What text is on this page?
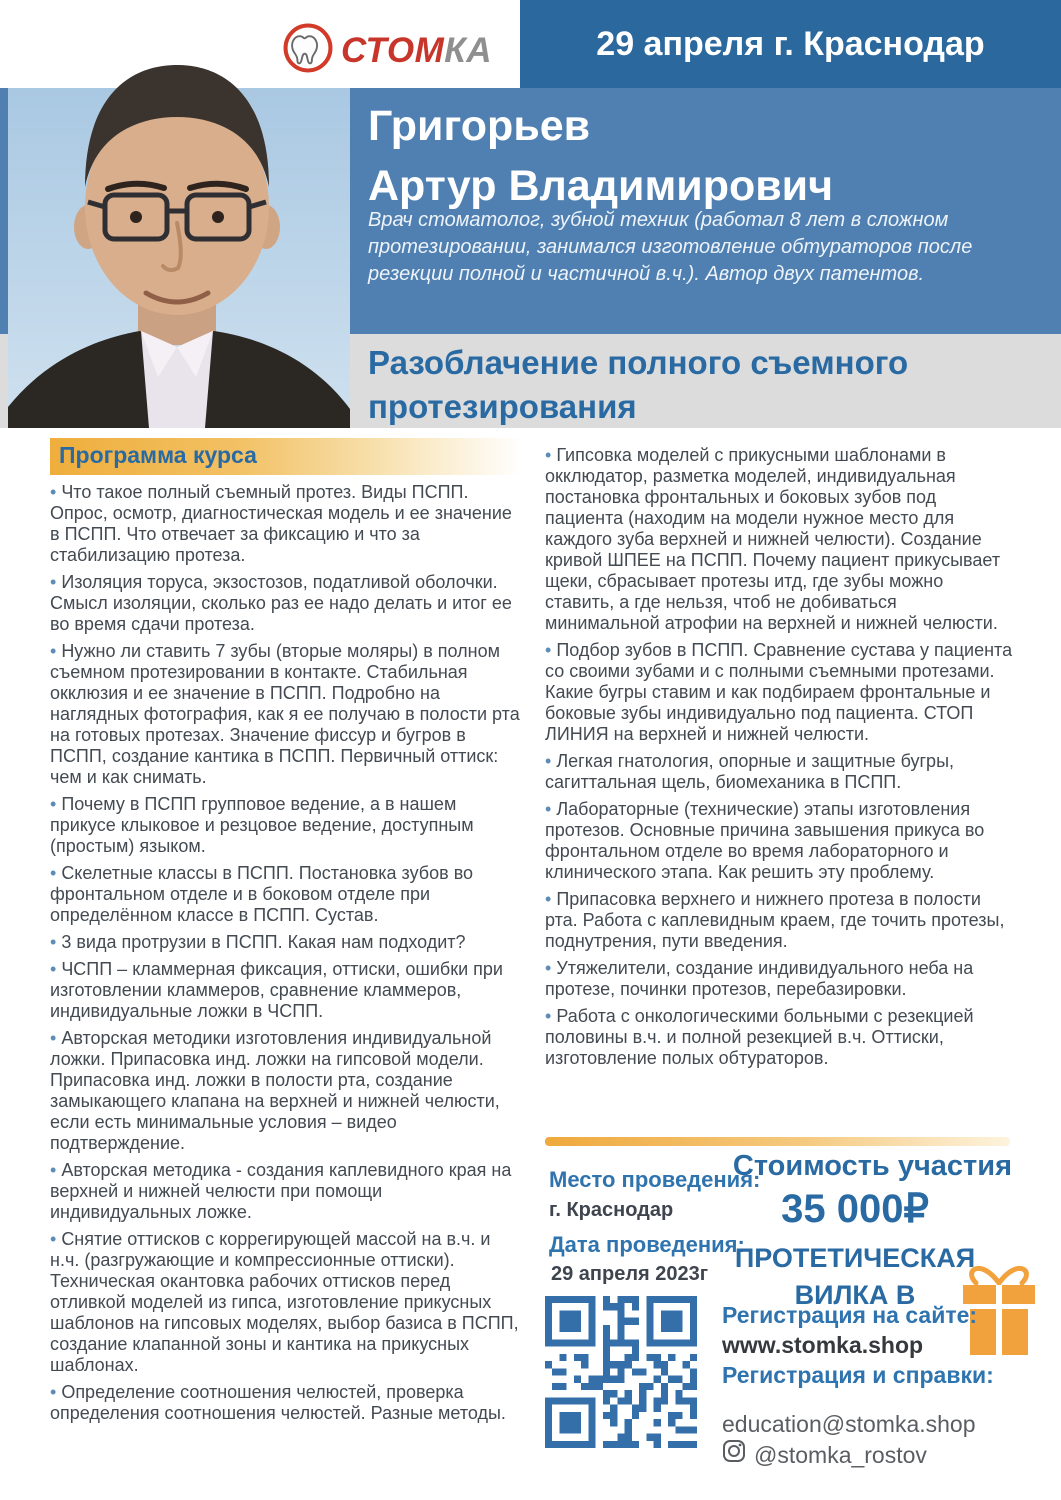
СТОМКА	29 апреля г. Краснодар
Григорьев
Артур Владимирович
Врач стоматолог, зубной техник (работал 8 лет в сложном протезировании, занимался изготовление обтураторов после резекции полной и частичной в.ч.). Автор двух патентов.
Разоблачение полного съемного протезирования
Программа курса
• Что такое полный съемный протез. Виды ПСПП. Опрос, осмотр, диагностическая модель и ее значение в ПСПП. Что отвечает за фиксацию и что за стабилизацию протеза.
• Изоляция торуса, экзостозов, податливой оболочки. Смысл изоляции, сколько раз ее надо делать и итог ее во время сдачи протеза.
• Нужно ли ставить 7 зубы (вторые моляры) в полном съемном протезировании в контакте. Стабильная окклюзия и ее значение в ПСПП. Подробно на наглядных фотография, как я ее получаю в полости рта на готовых протезах. Значение фиссур и бугров в ПСПП, создание кантика в ПСПП. Первичный оттиск: чем и как снимать.
• Почему в ПСПП групповое ведение, а в нашем прикусе клыковое и резцовое ведение, доступным (простым) языком.
• Скелетные классы в ПСПП. Постановка зубов во фронтальном отделе и в боковом отделе при определённом классе в ПСПП. Сустав.
• 3 вида протрузии в ПСПП. Какая нам подходит?
• ЧСПП – кламмерная фиксация, оттиски, ошибки при изготовлении кламмеров, сравнение кламмеров, индивидуальные ложки в ЧСПП.
• Авторская методики изготовления индивидуальной ложки. Припасовка инд. ложки на гипсовой модели. Припасовка инд. ложки в полости рта, создание замыкающего клапана на верхней и нижней челюсти, если есть минимальные условия – видео подтверждение.
• Авторская методика - создания каплевидного края на верхней и нижней челюсти при помощи индивидуальных ложке.
• Снятие оттисков с коррегирующей массой на в.ч. и н.ч. (разгружающие и компрессионные оттиски). Техническая окантовка рабочих оттисков перед отливкой моделей из гипса, изготовление прикусных шаблонов на гипсовых моделях, выбор базиса в ПСПП, создание клапанной зоны и кантика на прикусных шаблонах.
• Определение соотношения челюстей, проверка определения соотношения челюстей. Разные методы.
• Гипсовка моделей с прикусными шаблонами в окклюдатор, разметка моделей, индивидуальная постановка фронтальных и боковых зубов под пациента (находим на модели нужное место для каждого зуба верхней и нижней челюсти). Создание кривой ШПЕЕ на ПСПП. Почему пациент прикусывает щеки, сбрасывает протезы итд, где зубы можно ставить, а где нельзя, чтоб не добиваться минимальной атрофии на верхней и нижней челюсти.
• Подбор зубов в ПСПП. Сравнение сустава у пациента со своими зубами и с полными съемными протезами. Какие бугры ставим и как подбираем фронтальные и боковые зубы индивидуально под пациента. СТОП ЛИНИЯ на верхней и нижней челюсти.
• Легкая гнатология, опорные и защитные бугры, сагиттальная щель, биомеханика в ПСПП.
• Лабораторные (технические) этапы изготовления протезов. Основные причина завышения прикуса во фронтальном отделе во время лабораторного и клинического этапа. Как решить эту проблему.
• Припасовка верхнего и нижнего протеза в полости рта. Работа с каплевидным краем, где точить протезы, поднутрения, пути введения.
• Утяжелители, создание индивидуального неба на протезе, починки протезов, перебазировки.
• Работа с онкологическими больными с резекцией половины в.ч. и полной резекцией в.ч. Оттиски, изготовление полых обтураторов.
Место проведения:
г. Краснодар
Дата проведения:
29 апреля 2023г
Стоимость участия
35 000₽
ПРОТЕТИЧЕСКАЯ
ВИЛКА В
Регистрация на сайте:
www.stomka.shop
Регистрация и справки:
education@stomka.shop
@stomka_rostov
